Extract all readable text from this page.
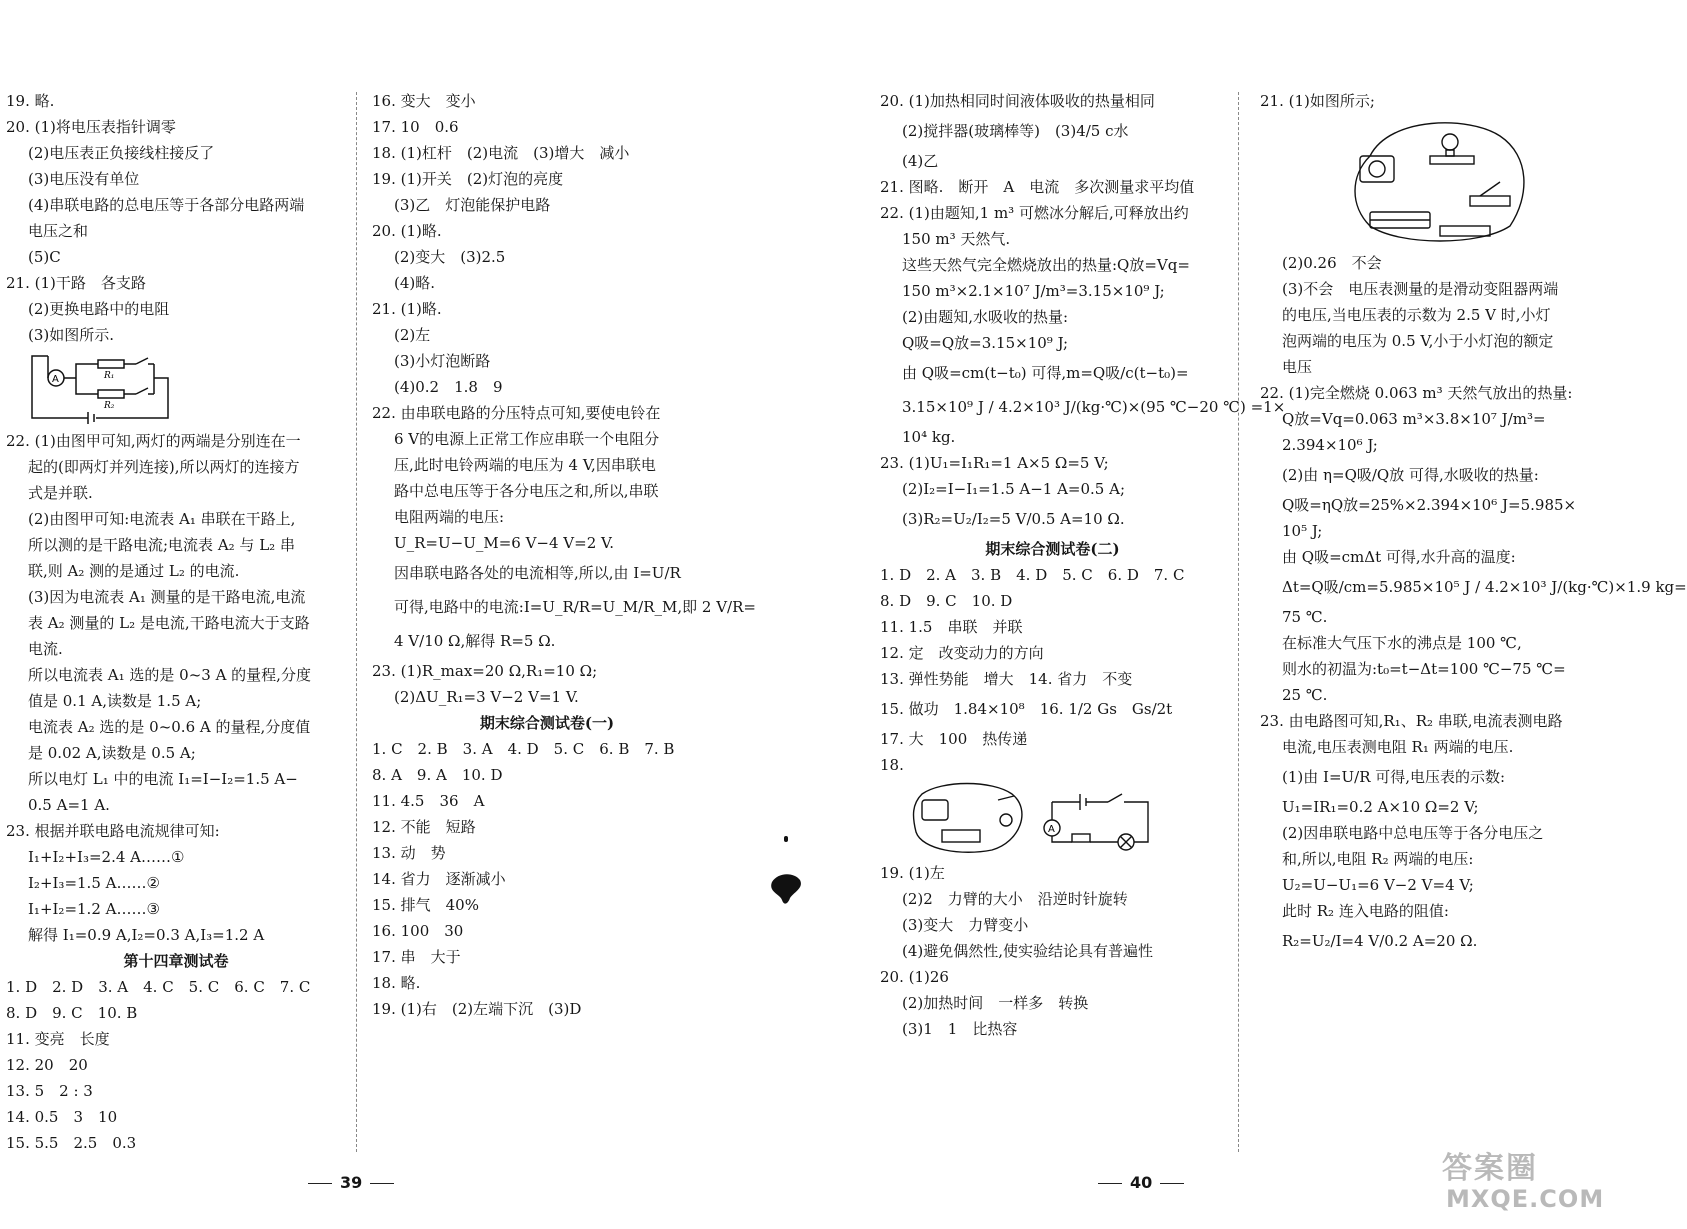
19. 略.
20. (1)将电压表指针调零
(2)电压表正负接线柱接反了
(3)电压没有单位
(4)串联电路的总电压等于各部分电路两端
电压之和
(5)C
21. (1)干路　各支路
(2)更换电路中的电阻
(3)如图所示.
A	R₁
R₂
22. (1)由图甲可知,两灯的两端是分别连在一
起的(即两灯并列连接),所以两灯的连接方
式是并联.
(2)由图甲可知:电流表 A₁ 串联在干路上,
所以测的是干路电流;电流表 A₂ 与 L₂ 串
联,则 A₂ 测的是通过 L₂ 的电流.
(3)因为电流表 A₁ 测量的是干路电流,电流
表 A₂ 测量的 L₂ 是电流,干路电流大于支路
电流.
所以电流表 A₁ 选的是 0~3 A 的量程,分度
值是 0.1 A,读数是 1.5 A;
电流表 A₂ 选的是 0~0.6 A 的量程,分度值
是 0.02 A,读数是 0.5 A;
所以电灯 L₁ 中的电流 I₁=I−I₂=1.5 A−
0.5 A=1 A.
23. 根据并联电路电流规律可知:
I₁+I₂+I₃=2.4 A……①
I₂+I₃=1.5 A……②
I₁+I₂=1.2 A……③
解得 I₁=0.9 A,I₂=0.3 A,I₃=1.2 A
第十四章测试卷
1. D　2. D　3. A　4. C　5. C　6. C　7. C
8. D　9. C　10. B
11. 变亮　长度
12. 20　20
13. 5　2 : 3
14. 0.5　3　10
15. 5.5　2.5　0.3
16. 变大　变小
17. 10　0.6
18. (1)杠杆　(2)电流　(3)增大　减小
19. (1)开关　(2)灯泡的亮度
(3)乙　灯泡能保护电路
20. (1)略.
(2)变大　(3)2.5
(4)略.
21. (1)略.
(2)左
(3)小灯泡断路
(4)0.2　1.8　9
22. 由串联电路的分压特点可知,要使电铃在
6 V的电源上正常工作应串联一个电阻分
压,此时电铃两端的电压为 4 V,因串联电
路中总电压等于各分电压之和,所以,串联
电阻两端的电压:
U_R=U−U_M=6 V−4 V=2 V.
因串联电路各处的电流相等,所以,由 I=U/R
可得,电路中的电流:I=U_R/R=U_M/R_M,即 2 V/R=
4 V/10 Ω,解得 R=5 Ω.
23. (1)R_max=20 Ω,R₁=10 Ω;
(2)ΔU_R₁=3 V−2 V=1 V.
期末综合测试卷(一)
1. C　2. B　3. A　4. D　5. C　6. B　7. B
8. A　9. A　10. D
11. 4.5　36　A
12. 不能　短路
13. 动　势
14. 省力　逐渐减小
15. 排气　40%
16. 100　30
17. 串　大于
18. 略.
19. (1)右　(2)左端下沉　(3)D
20. (1)加热相同时间液体吸收的热量相同
(2)搅拌器(玻璃棒等)　(3)4/5 c水
(4)乙
21. 图略.　断开　A　电流　多次测量求平均值
22. (1)由题知,1 m³ 可燃冰分解后,可释放出约
150 m³ 天然气.
这些天然气完全燃烧放出的热量:Q放=Vq=
150 m³×2.1×10⁷ J/m³=3.15×10⁹ J;
(2)由题知,水吸收的热量:
Q吸=Q放=3.15×10⁹ J;
由 Q吸=cm(t−t₀) 可得,m=Q吸/c(t−t₀)=
3.15×10⁹ J / 4.2×10³ J/(kg·℃)×(95 ℃−20 ℃) =1×
10⁴ kg.
23. (1)U₁=I₁R₁=1 A×5 Ω=5 V;
(2)I₂=I−I₁=1.5 A−1 A=0.5 A;
(3)R₂=U₂/I₂=5 V/0.5 A=10 Ω.
期末综合测试卷(二)
1. D　2. A　3. B　4. D　5. C　6. D　7. C
8. D　9. C　10. D
11. 1.5　串联　并联
12. 定　改变动力的方向
13. 弹性势能　增大　14. 省力　不变
15. 做功　1.84×10⁸　16. 1/2 Gs　Gs/2t
17. 大　100　热传递
18.
A
19. (1)左
(2)2　力臂的大小　沿逆时针旋转
(3)变大　力臂变小
(4)避免偶然性,使实验结论具有普遍性
20. (1)26
(2)加热时间　一样多　转换
(3)1　1　比热容
21. (1)如图所示;
(2)0.26　不会
(3)不会　电压表测量的是滑动变阻器两端
的电压,当电压表的示数为 2.5 V 时,小灯
泡两端的电压为 0.5 V,小于小灯泡的额定
电压
22. (1)完全燃烧 0.063 m³ 天然气放出的热量:
Q放=Vq=0.063 m³×3.8×10⁷ J/m³=
2.394×10⁶ J;
(2)由 η=Q吸/Q放 可得,水吸收的热量:
Q吸=ηQ放=25%×2.394×10⁶ J=5.985×
10⁵ J;
由 Q吸=cmΔt 可得,水升高的温度:
Δt=Q吸/cm=5.985×10⁵ J / 4.2×10³ J/(kg·℃)×1.9 kg=
75 ℃.
在标准大气压下水的沸点是 100 ℃,
则水的初温为:t₀=t−Δt=100 ℃−75 ℃=
25 ℃.
23. 由电路图可知,R₁、R₂ 串联,电流表测电路
电流,电压表测电阻 R₁ 两端的电压.
(1)由 I=U/R 可得,电压表的示数:
U₁=IR₁=0.2 A×10 Ω=2 V;
(2)因串联电路中总电压等于各分电压之
和,所以,电阻 R₂ 两端的电压:
U₂=U−U₁=6 V−2 V=4 V;
此时 R₂ 连入电路的阻值:
R₂=U₂/I=4 V/0.2 A=20 Ω.
39	40	答案圈
MXQE.COM
